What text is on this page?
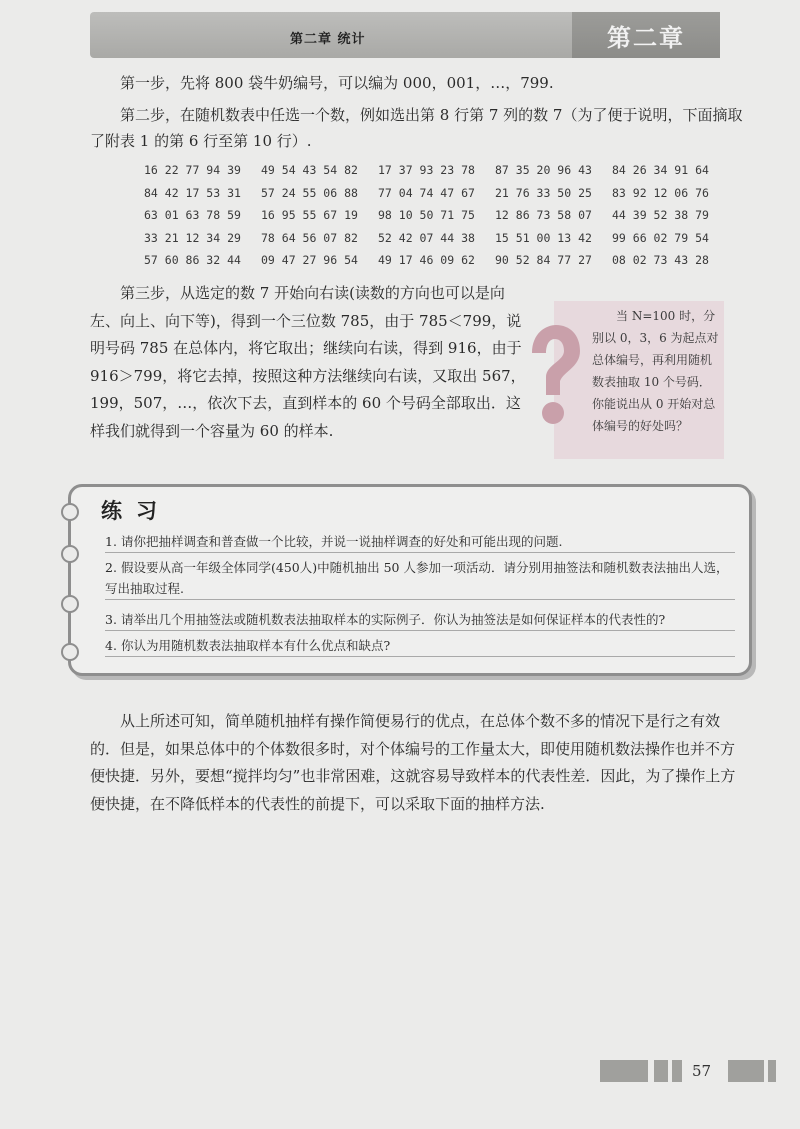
第二章 统计	第二章

第一步，先将 800 袋牛奶编号，可以编为 000，001，…，799.

第二步，在随机数表中任选一个数，例如选出第 8 行第 7 列的数 7（为了便于说明，下面摘取了附表 1 的第 6 行至第 10 行）.

16 22 77 94 39	49 54 43 54 82	17 37 93 23 78	87 35 20 96 43	84 26 34 91 64
84 42 17 53 31	57 24 55 06 88	77 04 74 47 67	21 76 33 50 25	83 92 12 06 76
63 01 63 78 59	16 95 55 67 19	98 10 50 71 75	12 86 73 58 07	44 39 52 38 79
33 21 12 34 29	78 64 56 07 82	52 42 07 44 38	15 51 00 13 42	99 66 02 79 54
57 60 86 32 44	09 47 27 96 54	49 17 46 09 62	90 52 84 77 27	08 02 73 43 28

第三步，从选定的数 7 开始向右读(读数的方向也可以是向左、向上、向下等)，得到一个三位数 785，由于 785＜799，说明号码 785 在总体内，将它取出；继续向右读，得到 916，由于 916＞799，将它去掉，按照这种方法继续向右读，又取出 567，199，507，…，依次下去，直到样本的 60 个号码全部取出．这样我们就得到一个容量为 60 的样本.

当 N=100 时，分别以 0，3，6 为起点对总体编号，再利用随机数表抽取 10 个号码．你能说出从 0 开始对总体编号的好处吗？
练习
1. 请你把抽样调查和普查做一个比较，并说一说抽样调查的好处和可能出现的问题.
2. 假设要从高一年级全体同学(450人)中随机抽出 50 人参加一项活动．请分别用抽签法和随机数表法抽出人选，写出抽取过程.
3. 请举出几个用抽签法或随机数表法抽取样本的实际例子．你认为抽签法是如何保证样本的代表性的?
4. 你认为用随机数表法抽取样本有什么优点和缺点?

从上所述可知，简单随机抽样有操作简便易行的优点，在总体个数不多的情况下是行之有效的．但是，如果总体中的个体数很多时，对个体编号的工作量太大，即使用随机数法操作也并不方便快捷．另外，要想“搅拌均匀”也非常困难，这就容易导致样本的代表性差．因此，为了操作上方便快捷，在不降低样本的代表性的前提下，可以采取下面的抽样方法.

57
